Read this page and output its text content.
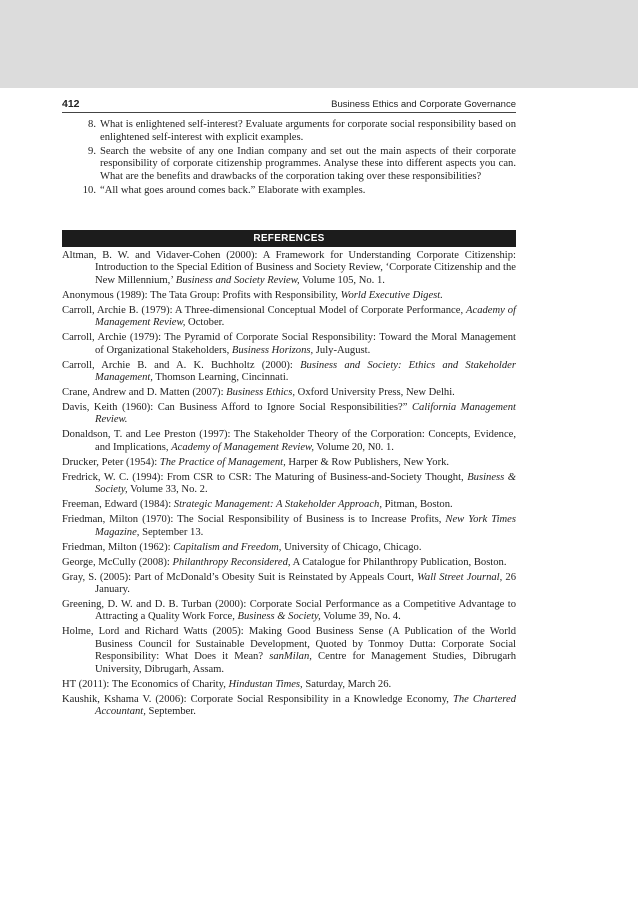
412	Business Ethics and Corporate Governance
8. What is enlightened self-interest? Evaluate arguments for corporate social responsibility based on enlightened self-interest with explicit examples.
9. Search the website of any one Indian company and set out the main aspects of their corporate responsibility of corporate citizenship programmes. Analyse these into different aspects you can. What are the benefits and drawbacks of the corporation taking over these responsibilities?
10. “All what goes around comes back.” Elaborate with examples.
REFERENCES
Altman, B. W. and Vidaver-Cohen (2000): A Framework for Understanding Corporate Citizenship: Introduction to the Special Edition of Business and Society Review, ‘Corporate Citizenship and the New Millennium,’ Business and Society Review, Volume 105, No. 1.
Anonymous (1989): The Tata Group: Profits with Responsibility, World Executive Digest.
Carroll, Archie B. (1979): A Three-dimensional Conceptual Model of Corporate Performance, Academy of Management Review, October.
Carroll, Archie (1979): The Pyramid of Corporate Social Responsibility: Toward the Moral Management of Organizational Stakeholders, Business Horizons, July-August.
Carroll, Archie B. and A. K. Buchholtz (2000): Business and Society: Ethics and Stakeholder Management, Thomson Learning, Cincinnati.
Crane, Andrew and D. Matten (2007): Business Ethics, Oxford University Press, New Delhi.
Davis, Keith (1960): Can Business Afford to Ignore Social Responsibilities?” California Management Review.
Donaldson, T. and Lee Preston (1997): The Stakeholder Theory of the Corporation: Concepts, Evidence, and Implications, Academy of Management Review, Volume 20, N0. 1.
Drucker, Peter (1954): The Practice of Management, Harper & Row Publishers, New York.
Fredrick, W. C. (1994): From CSR to CSR: The Maturing of Business-and-Society Thought, Business & Society, Volume 33, No. 2.
Freeman, Edward (1984): Strategic Management: A Stakeholder Approach, Pitman, Boston.
Friedman, Milton (1970): The Social Responsibility of Business is to Increase Profits, New York Times Magazine, September 13.
Friedman, Milton (1962): Capitalism and Freedom, University of Chicago, Chicago.
George, McCully (2008): Philanthropy Reconsidered, A Catalogue for Philanthropy Publication, Boston.
Gray, S. (2005): Part of McDonald’s Obesity Suit is Reinstated by Appeals Court, Wall Street Journal, 26 January.
Greening, D. W. and D. B. Turban (2000): Corporate Social Performance as a Competitive Advantage to Attracting a Quality Work Force, Business & Society, Volume 39, No. 4.
Holme, Lord and Richard Watts (2005): Making Good Business Sense (A Publication of the World Business Council for Sustainable Development, Quoted by Tonmoy Dutta: Corporate Social Responsibility: What Does it Mean? sanMilan, Centre for Management Studies, Dibrugarh University, Dibrugarh, Assam.
HT (2011): The Economics of Charity, Hindustan Times, Saturday, March 26.
Kaushik, Kshama V. (2006): Corporate Social Responsibility in a Knowledge Economy, The Chartered Accountant, September.
